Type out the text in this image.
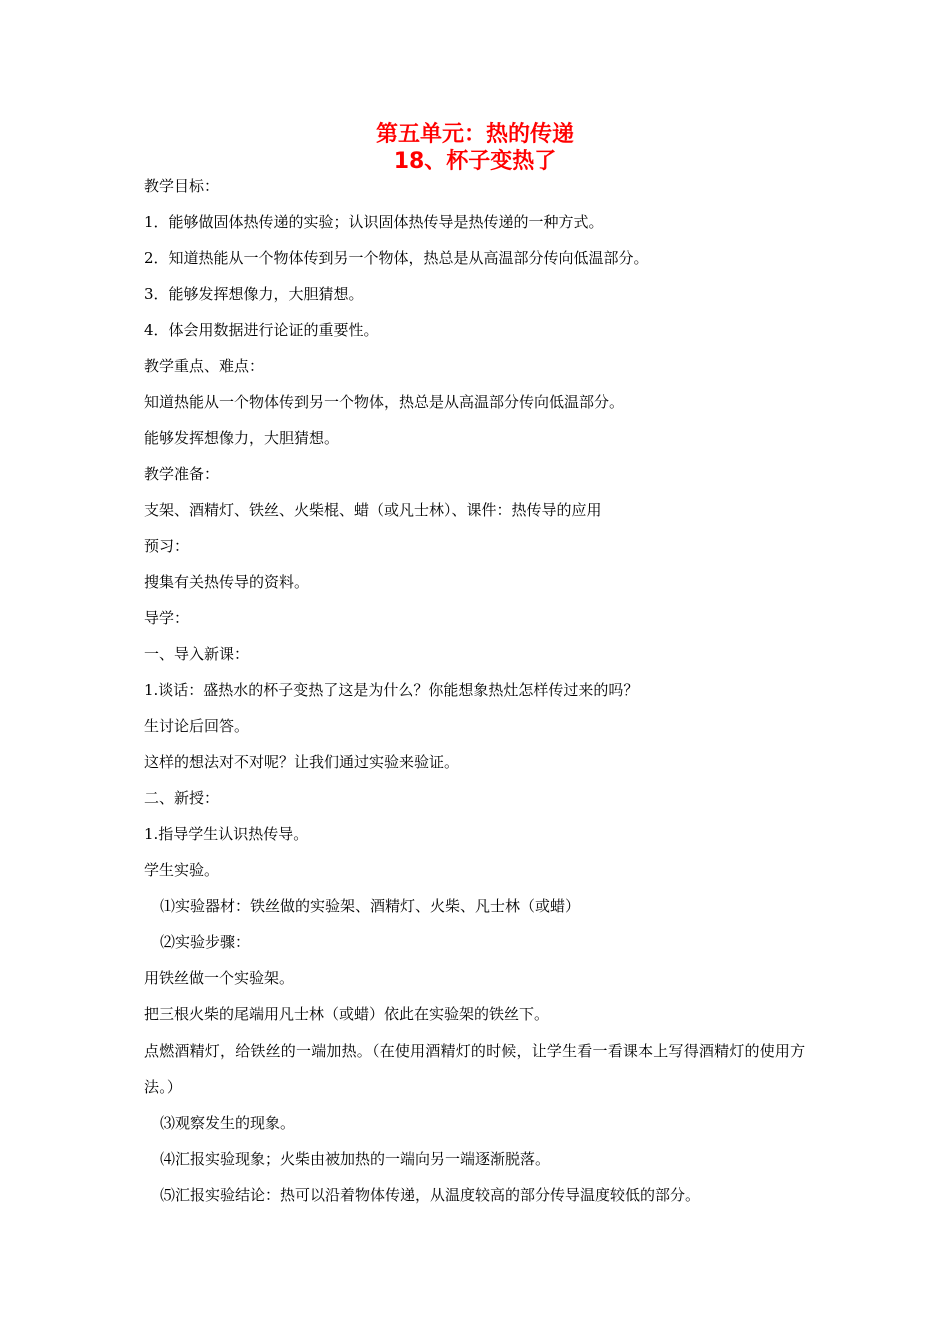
第五单元：热的传递
18、杯子变热了
教学目标：
1．能够做固体热传递的实验；认识固体热传导是热传递的一种方式。
2．知道热能从一个物体传到另一个物体，热总是从高温部分传向低温部分。
3．能够发挥想像力，大胆猜想。
4．体会用数据进行论证的重要性。
教学重点、难点：
知道热能从一个物体传到另一个物体，热总是从高温部分传向低温部分。
能够发挥想像力，大胆猜想。
教学准备：
支架、酒精灯、铁丝、火柴棍、蜡（或凡士林）、课件：热传导的应用
预习：
搜集有关热传导的资料。
导学：
一、导入新课：
1.谈话：盛热水的杯子变热了这是为什么？你能想象热灶怎样传过来的吗？
生讨论后回答。
这样的想法对不对呢？让我们通过实验来验证。
二、新授：
1.指导学生认识热传导。
学生实验。
⑴实验器材：铁丝做的实验架、酒精灯、火柴、凡士林（或蜡）
⑵实验步骤：
用铁丝做一个实验架。
把三根火柴的尾端用凡士林（或蜡）依此在实验架的铁丝下。
点燃酒精灯，给铁丝的一端加热。（在使用酒精灯的时候，让学生看一看课本上写得酒精灯的使用方法。）
⑶观察发生的现象。
⑷汇报实验现象；火柴由被加热的一端向另一端逐渐脱落。
⑸汇报实验结论：热可以沿着物体传递，从温度较高的部分传导温度较低的部分。
